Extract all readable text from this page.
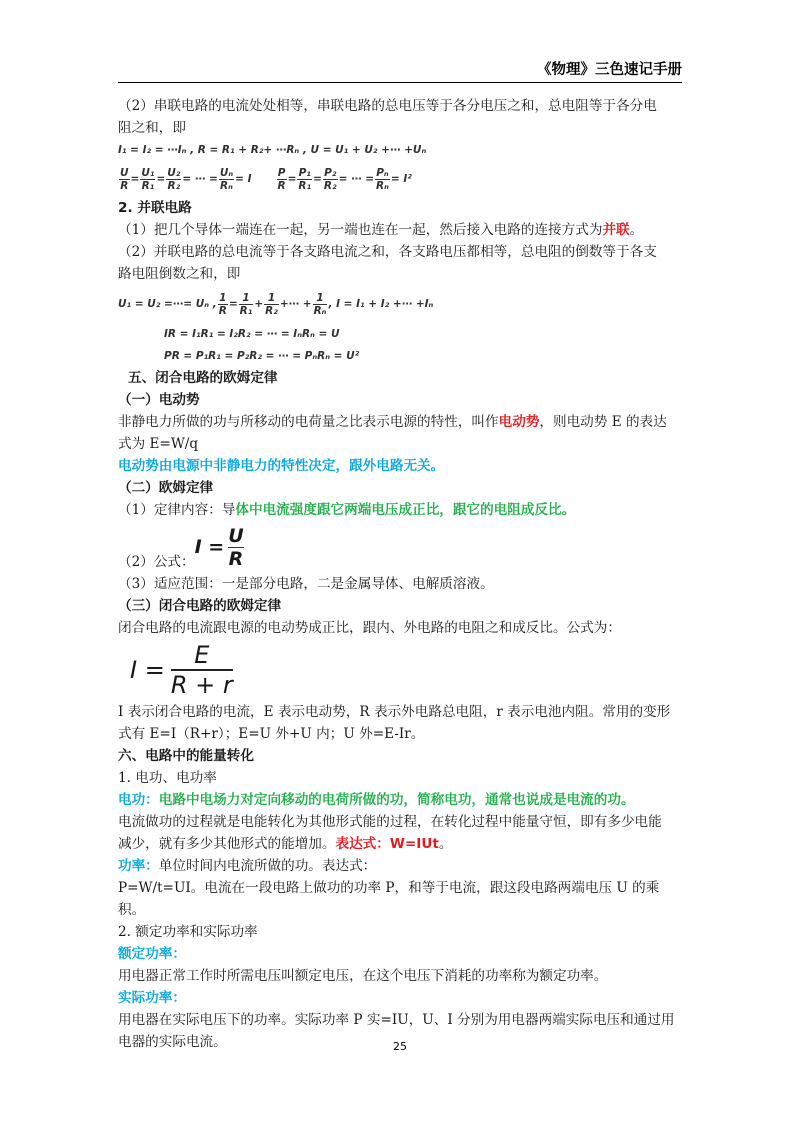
《物理》三色速记手册

（2）串联电路的电流处处相等，串联电路的总电压等于各分电压之和，总电阻等于各分电

阻之和，即

I₁ = I₂ = ⋯Iₙ , R = R₁ + R₂+ ⋯Rₙ , U = U₁ + U₂ +⋯ +Uₙ
$\frac{U}{R} = \frac{\text{U₁}}{\text{R₁}} = \frac{\text{U₂}}{\text{R₂}}$ = ⋯ = $\frac{\text{Uₙ}}{\text{Rₙ}} = I \frac{P}{R} = \frac{\text{P₁}}{\text{R₁}} = \frac{\text{P₂}}{\text{R₂}}$ = ⋯ = $\frac{\text{Pₙ}}{\text{Rₙ}} = I^2$

2. 并联电路

（1）把几个导体一端连在一起，另一端也连在一起，然后接入电路的连接方式为并联。

（2）并联电路的总电流等于各支路电流之和，各支路电压都相等，总电阻的倒数等于各支

路电阻倒数之和，即

U₁ = U₂ =⋯= Uₙ , $\frac{1}{R} = \frac{1}{\text{R₁}} + \frac{1}{\text{R₂}}$ +⋯ + $\frac{1}{\text{Rₙ}}$ , I = I₁ + I₂ +⋯ +Iₙ
IR = I₁R₁ = I₂R₂ = ⋯ = IₙRₙ = U
PR = P₁R₁ = P₂R₂ = ⋯ = PₙRₙ = U²

五、闭合电路的欧姆定律

（一）电动势

非静电力所做的功与所移动的电荷量之比表示电源的特性，叫作电动势，则电动势 E 的表达

式为 E=W/q

电动势由电源中非静电力的特性决定，跟外电路无关。

（二）欧姆定律

（1）定律内容：导体中电流强度跟它两端电压成正比，跟它的电阻成反比。

（2）公式：
$I = \frac{U}{R}$

（3）适应范围：一是部分电路，二是金属导体、电解质溶液。

（三）闭合电路的欧姆定律

闭合电路的电流跟电源的电动势成正比，跟内、外电路的电阻之和成反比。公式为：

$I = \frac{E}{R + r}$

I 表示闭合电路的电流，E 表示电动势，R 表示外电路总电阻，r 表示电池内阻。常用的变形

式有 E=I（R+r）；E=U 外+U 内；U 外=E-Ir。

六、电路中的能量转化

1. 电功、电功率

电功：电路中电场力对定向移动的电荷所做的功，简称电功，通常也说成是电流的功。

电流做功的过程就是电能转化为其他形式能的过程，在转化过程中能量守恒，即有多少电能

减少，就有多少其他形式的能增加。表达式：W=IUt。

功率：单位时间内电流所做的功。表达式：

P=W/t=UI。电流在一段电路上做功的功率 P，和等于电流，跟这段电路两端电压 U 的乘积。

2. 额定功率和实际功率

额定功率：

用电器正常工作时所需电压叫额定电压，在这个电压下消耗的功率称为额定功率。

实际功率：

用电器在实际电压下的功率。实际功率 P 实=IU，U、I 分别为用电器两端实际电压和通过用

电器的实际电流。	25
